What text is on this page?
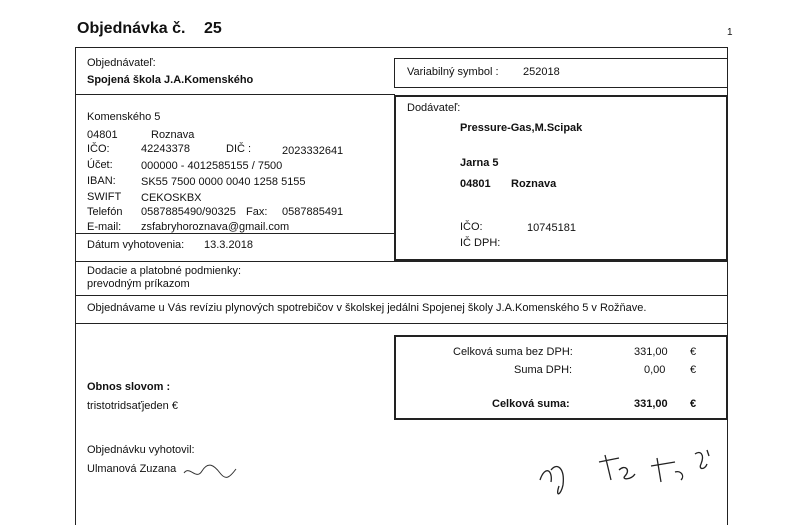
Objednávka č. 25	1
Objednávateľ:
Spojená škola J.A.Komenského
Komenského 5
04801	Roznava
IČO:	42243378	DIČ :	2023332641
Účet:	000000 - 4012585155 / 7500
IBAN: SK55 7500 0000 0040 1258 5155
SWIFT CEKOSKBX
Telefón 0587885490/90325 Fax: 0587885491
E-mail: zsfabryhoroznava@gmail.com
Dátum vyhotovenia: 13.3.2018
Variabilný symbol : 252018
Dodávateľ:
Pressure-Gas,M.Scipak
Jarna 5
04801 Roznava
IČO:	10745181
IČ DPH:
Dodacie a platobné podmienky:
prevodným príkazom
Objednávame u Vás revíziu plynových spotrebičov v školskej jedálni Spojenej školy J.A.Komenského 5 v Rožňave.
Celková suma bez DPH:	331,00 €
Suma DPH:	0,00 €
Celková suma:	331,00 €
Obnos slovom :
tristotridsaťjeden €
Objednávku vyhotovil:
Ulmanová Zuzana
